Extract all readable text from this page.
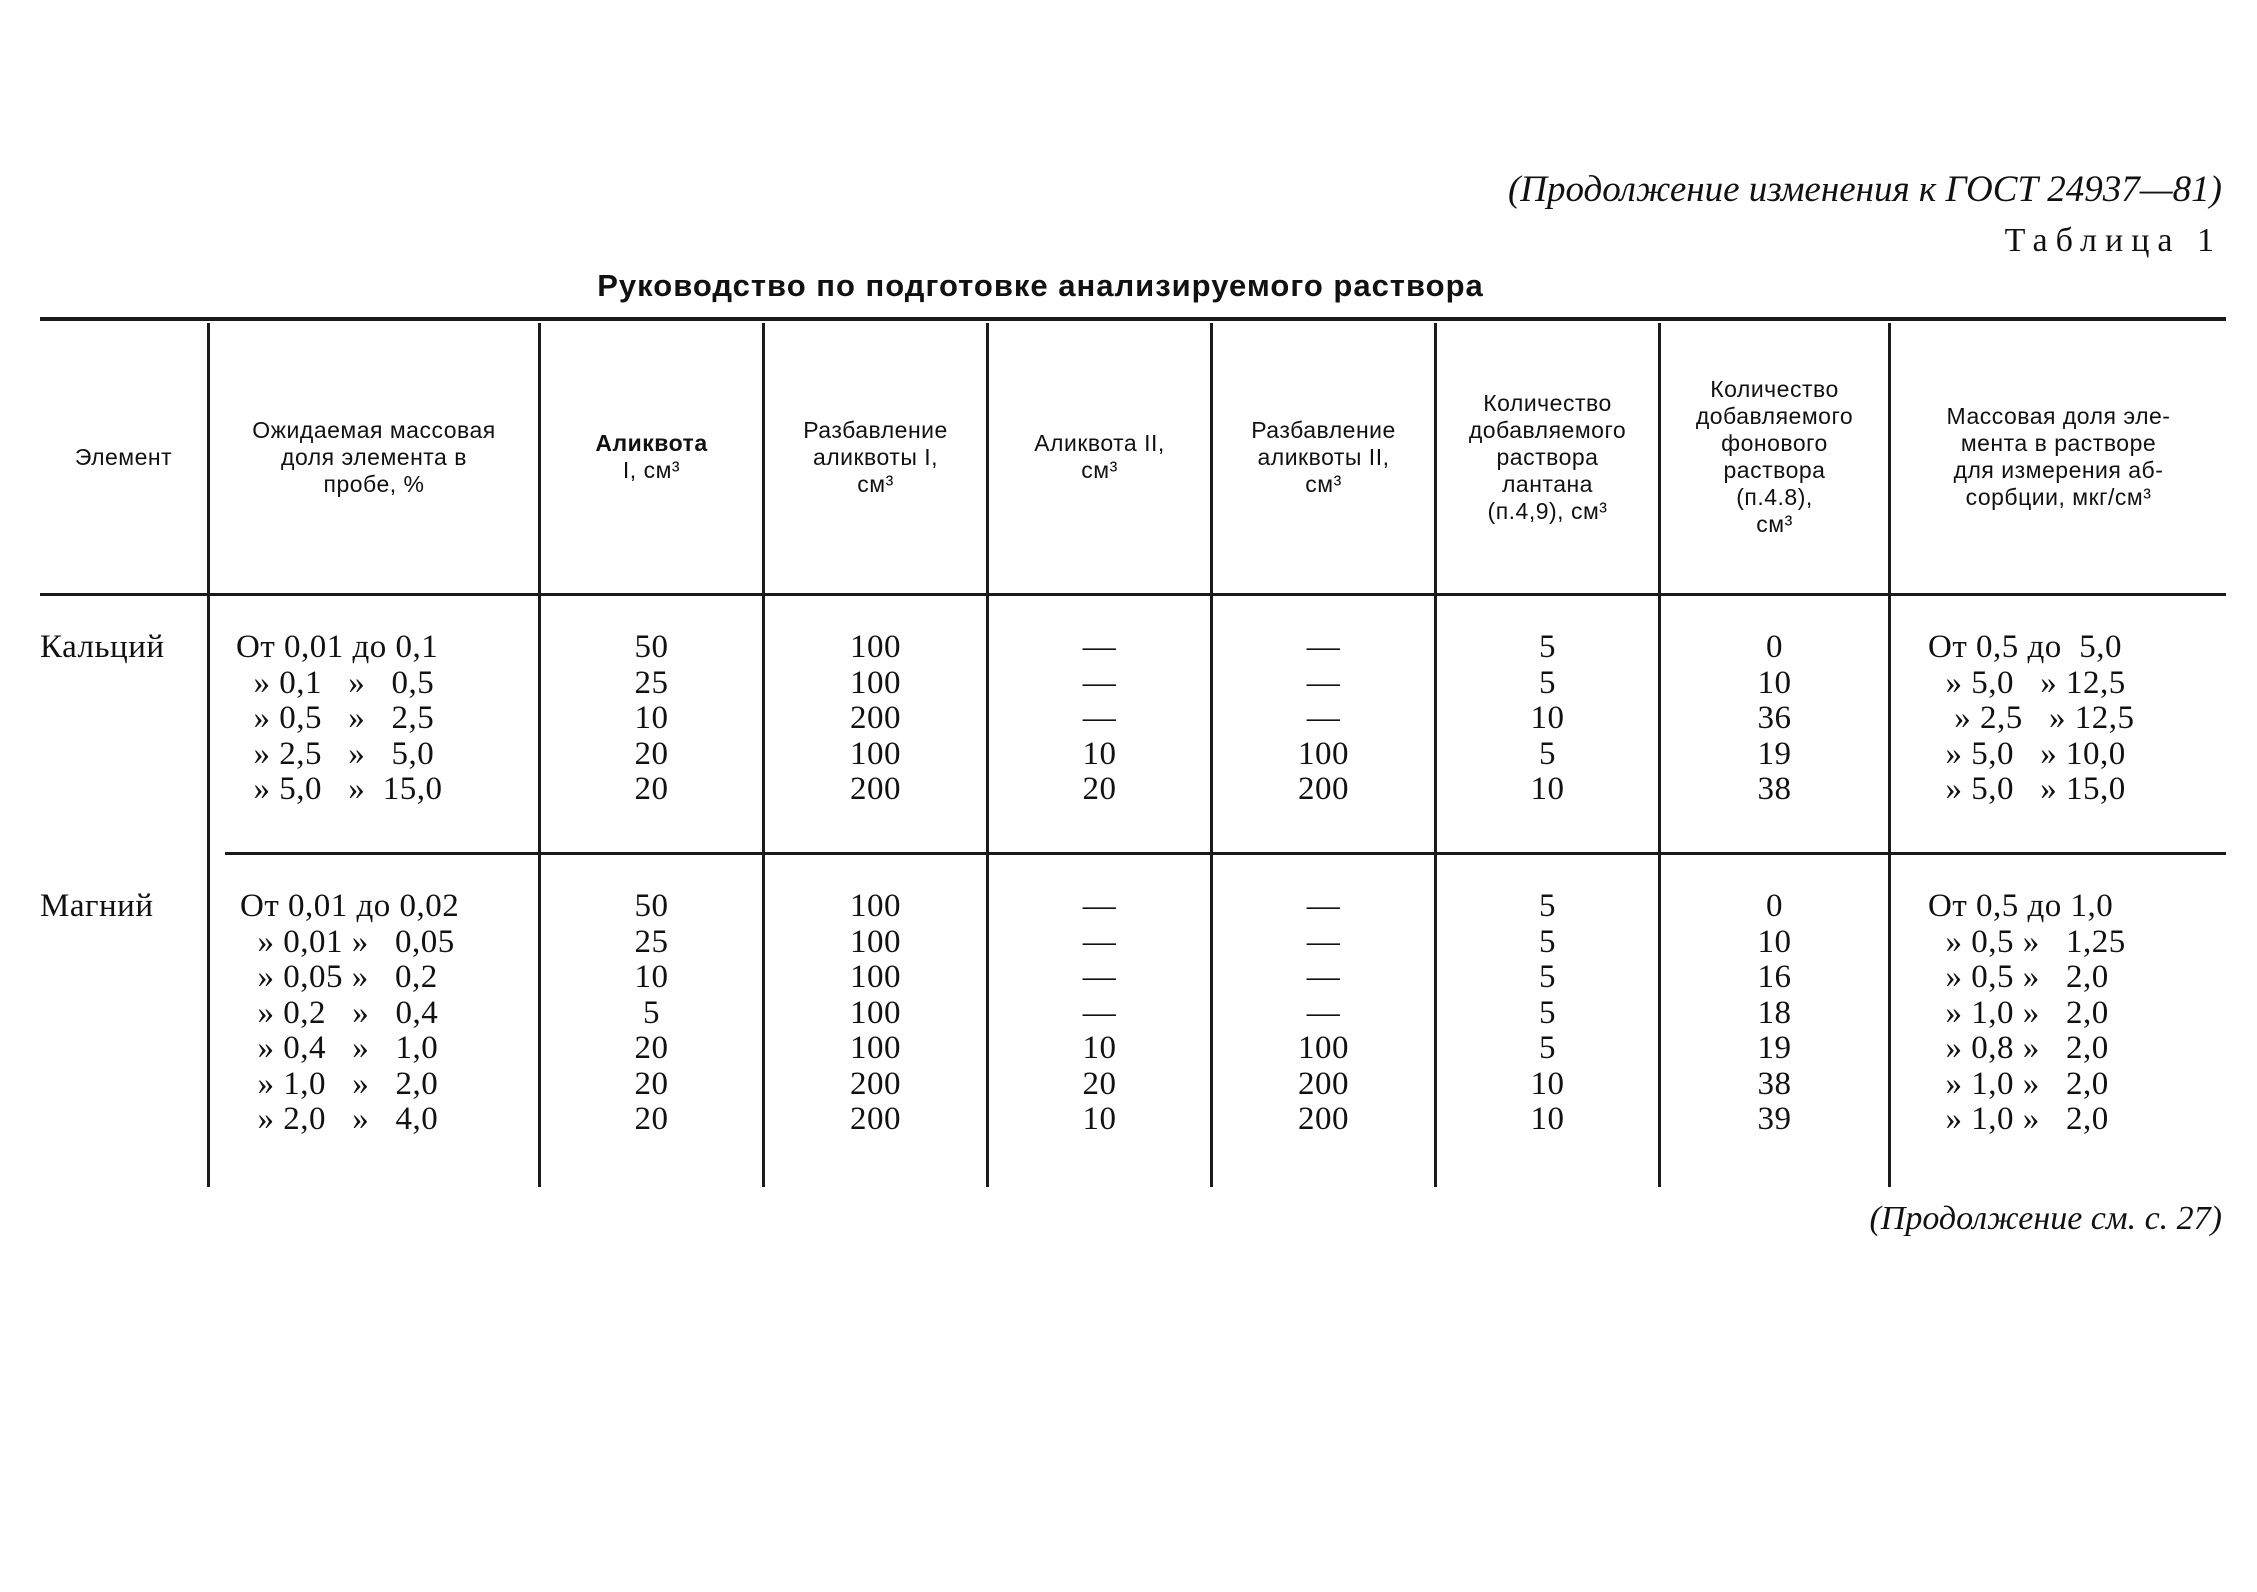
(Продолжение изменения к ГОСТ 24937—81)
Таблица 1
Руководство по подготовке анализируемого раствора
Элемент
Ожидаемая массовая
доля элемента в
пробе, %
Аликвота
I, см³
Разбавление
аликвоты I,
см³
Аликвота II,
см³
Разбавление
аликвоты II,
см³
Количество
добавляемого
раствора
лантана
(п.4,9), см³
Количество
добавляемого
фонового
раствора
(п.4.8),
см³
Массовая доля эле-
мента в растворе
для измерения аб-
сорбции, мкг/см³
Кальций	От 0,01 до 0,1
» 0,1   »   0,5
» 0,5   »   2,5
» 2,5   »   5,0
» 5,0   »  15,0
50
25
10
20
20
100
100
200
100
200
—
—
—
10
20
—
—
—
100
200
5
5
10
5
10
0
10
36
19
38
От 0,5 до  5,0
» 5,0   » 12,5
» 2,5   » 12,5
» 5,0   » 10,0
» 5,0   » 15,0
Магний	От 0,01 до 0,02
» 0,01 »   0,05
» 0,05 »   0,2
» 0,2   »   0,4
» 0,4   »   1,0
» 1,0   »   2,0
» 2,0   »   4,0
50
25
10
5
20
20
20
100
100
100
100
100
200
200
—
—
—
—
10
20
10
—
—
—
—
100
200
200
5
5
5
5
5
10
10
0
10
16
18
19
38
39
От 0,5 до 1,0
» 0,5 »   1,25
» 0,5 »   2,0
» 1,0 »   2,0
» 0,8 »   2,0
» 1,0 »   2,0
» 1,0 »   2,0
(Продолжение см. с. 27)
